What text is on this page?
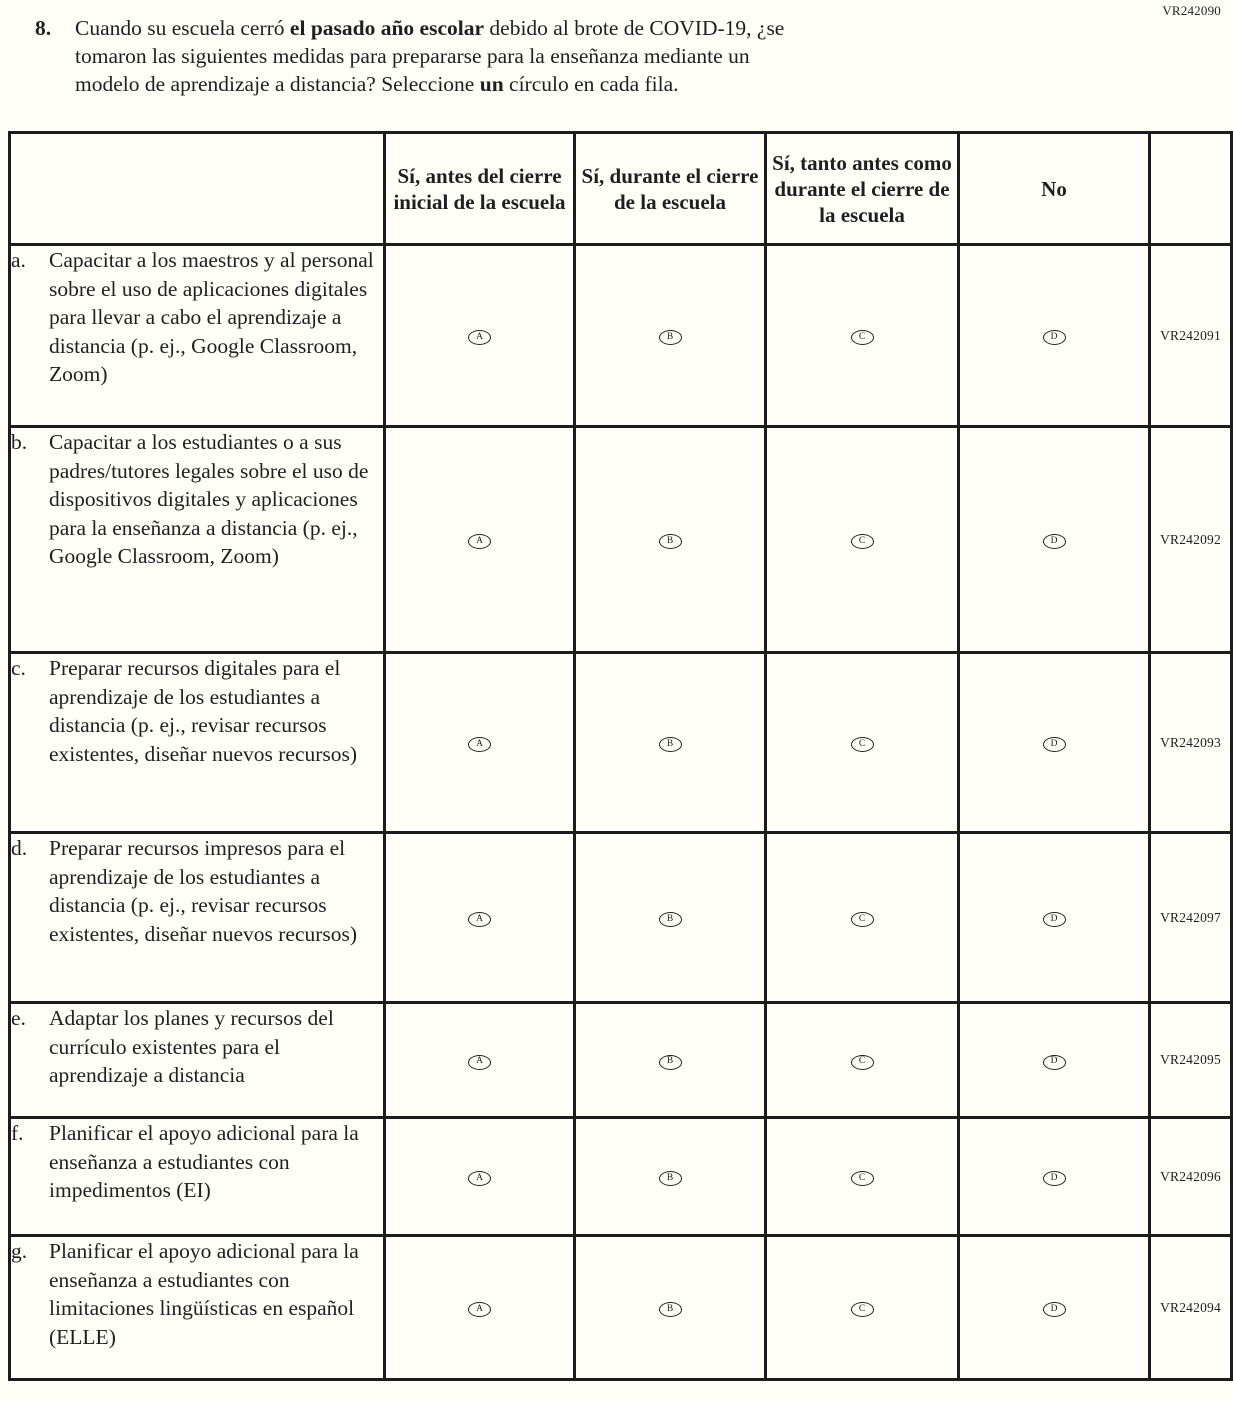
VR242090
8.	Cuando su escuela cerró el pasado año escolar debido al brote de COVID-19, ¿se
tomaron las siguientes medidas para prepararse para la enseñanza mediante un
modelo de aprendizaje a distancia? Seleccione un círculo en cada fila.
	Sí, antes del cierre inicial de la escuela	Sí, durante el cierre de la escuela	Sí, tanto antes como durante el cierre de la escuela	No	

a. Capacitar a los maestros y al personal sobre el uso de aplicaciones digitales para llevar a cabo el aprendizaje a distancia (p. ej., Google Classroom, Zoom)	A	B	C	D	VR242091

b. Capacitar a los estudiantes o a sus padres/tutores legales sobre el uso de dispositivos digitales y aplicaciones para la enseñanza a distancia (p. ej., Google Classroom, Zoom)	A	B	C	D	VR242092

c. Preparar recursos digitales para el aprendizaje de los estudiantes a distancia (p. ej., revisar recursos existentes, diseñar nuevos recursos)	A	B	C	D	VR242093

d. Preparar recursos impresos para el aprendizaje de los estudiantes a distancia (p. ej., revisar recursos existentes, diseñar nuevos recursos)	A	B	C	D	VR242097

e. Adaptar los planes y recursos del currículo existentes para el aprendizaje a distancia	A	B	C	D	VR242095

f. Planificar el apoyo adicional para la enseñanza a estudiantes con impedimentos (EI)	A	B	C	D	VR242096

g. Planificar el apoyo adicional para la enseñanza a estudiantes con limitaciones lingüísticas en español (ELLE)	A	B	C	D	VR242094
